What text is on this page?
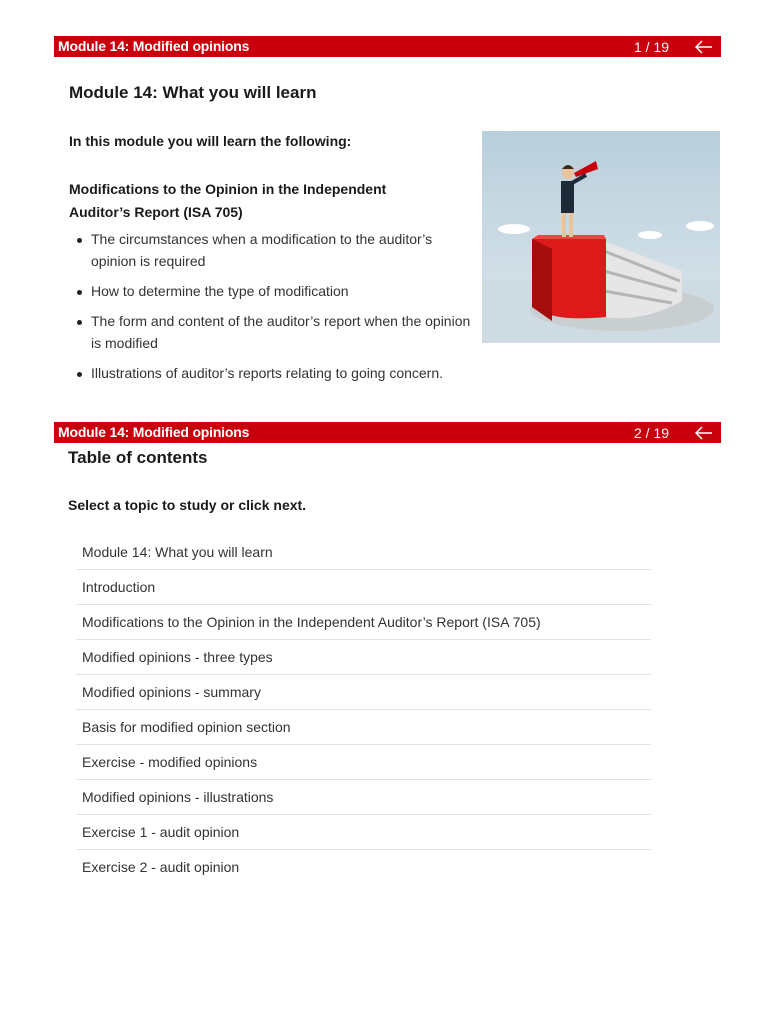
Module 14: Modified opinions	1 / 19
Module 14: What you will learn
In this module you will learn the following:
Modifications to the Opinion in the Independent Auditor’s Report (ISA 705)
The circumstances when a modification to the auditor’s opinion is required
How to determine the type of modification
The form and content of the auditor’s report when the opinion is modified
Illustrations of auditor’s reports relating to going concern.
Module 14: Modified opinions	2 / 19
Table of contents
Select a topic to study or click next.
Module 14: What you will learn
Introduction
Modifications to the Opinion in the Independent Auditor’s Report (ISA 705)
Modified opinions - three types
Modified opinions - summary
Basis for modified opinion section
Exercise - modified opinions
Modified opinions - illustrations
Exercise 1 - audit opinion
Exercise 2 - audit opinion
